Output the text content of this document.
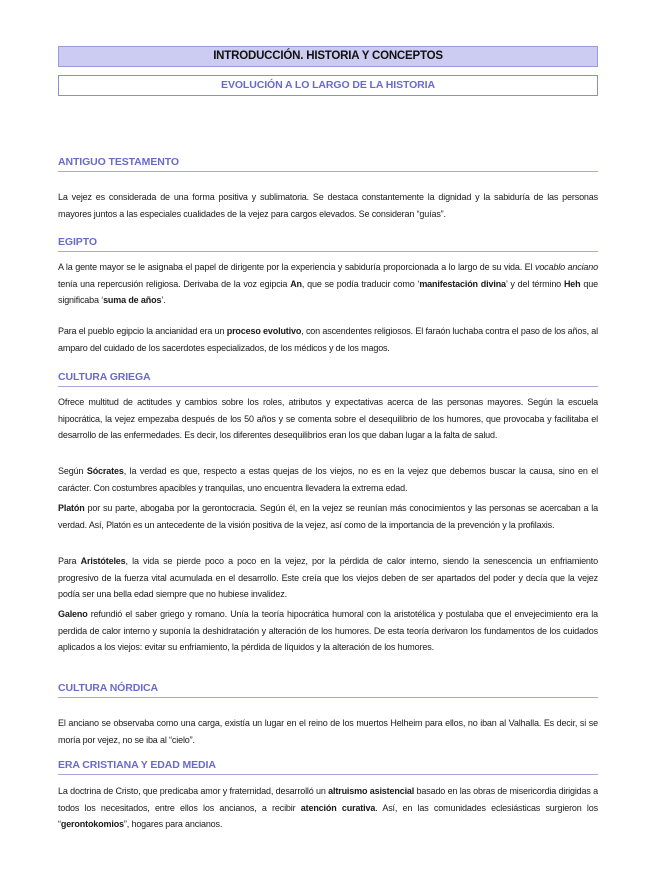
INTRODUCCIÓN. HISTORIA Y CONCEPTOS
EVOLUCIÓN A LO LARGO DE LA HISTORIA
ANTIGUO TESTAMENTO

La vejez es considerada de una forma positiva y sublimatoria. Se destaca constantemente la dignidad y la sabiduría de las personas mayores juntos a las especiales cualidades de la vejez para cargos elevados. Se consideran “guías”.

EGIPTO

A la gente mayor se le asignaba el papel de dirigente por la experiencia y sabiduría proporcionada a lo largo de su vida. El vocablo anciano tenía una repercusión religiosa. Derivaba de la voz egipcia An, que se podía traducir como ‘manifestación divina’ y del término Heh que significaba ‘suma de años’.

Para el pueblo egipcio la ancianidad era un proceso evolutivo, con ascendentes religiosos. El faraón luchaba contra el paso de los años, al amparo del cuidado de los sacerdotes especializados, de los médicos y de los magos.

CULTURA GRIEGA

Ofrece multitud de actitudes y cambios sobre los roles, atributos y expectativas acerca de las personas mayores. Según la escuela hipocrática, la vejez empezaba después de los 50 años y se comenta sobre el desequilibrio de los humores, que provocaba y facilitaba el desarrollo de las enfermedades. Es decir, los diferentes desequilibrios eran los que daban lugar a la falta de salud.

Según Sócrates, la verdad es que, respecto a estas quejas de los viejos, no es en la vejez que debemos buscar la causa, sino en el carácter. Con costumbres apacibles y tranquilas, uno encuentra llevadera la extrema edad.

Platón por su parte, abogaba por la gerontocracia. Según él, en la vejez se reunían más conocimientos y las personas se acercaban a la verdad. Así, Platón es un antecedente de la visión positiva de la vejez, así como de la importancia de la prevención y la profilaxis.

Para Aristóteles, la vida se pierde poco a poco en la vejez, por la pérdida de calor interno, siendo la senescencia un enfriamiento progresivo de la fuerza vital acumulada en el desarrollo. Este creía que los viejos deben de ser apartados del poder y decía que la vejez podía ser una bella edad siempre que no hubiese invalidez.

Galeno refundió el saber griego y romano. Unía la teoría hipocrática humoral con la aristotélica y postulaba que el envejecimiento era la perdida de calor interno y suponía la deshidratación y alteración de los humores. De esta teoría derivaron los fundamentos de los cuidados aplicados a los viejos: evitar su enfriamiento, la pérdida de líquidos y la alteración de los humores.

CULTURA NÓRDICA

El anciano se observaba como una carga, existía un lugar en el reino de los muertos Helheim para ellos, no iban al Valhalla. Es decir, si se moría por vejez, no se iba al “cielo”.

ERA CRISTIANA Y EDAD MEDIA

La doctrina de Cristo, que predicaba amor y fraternidad, desarrolló un altruismo asistencial basado en las obras de misericordia dirigidas a todos los necesitados, entre ellos los ancianos, a recibir atención curativa. Así, en las comunidades eclesiásticas surgieron los “gerontokomios”, hogares para ancianos.
